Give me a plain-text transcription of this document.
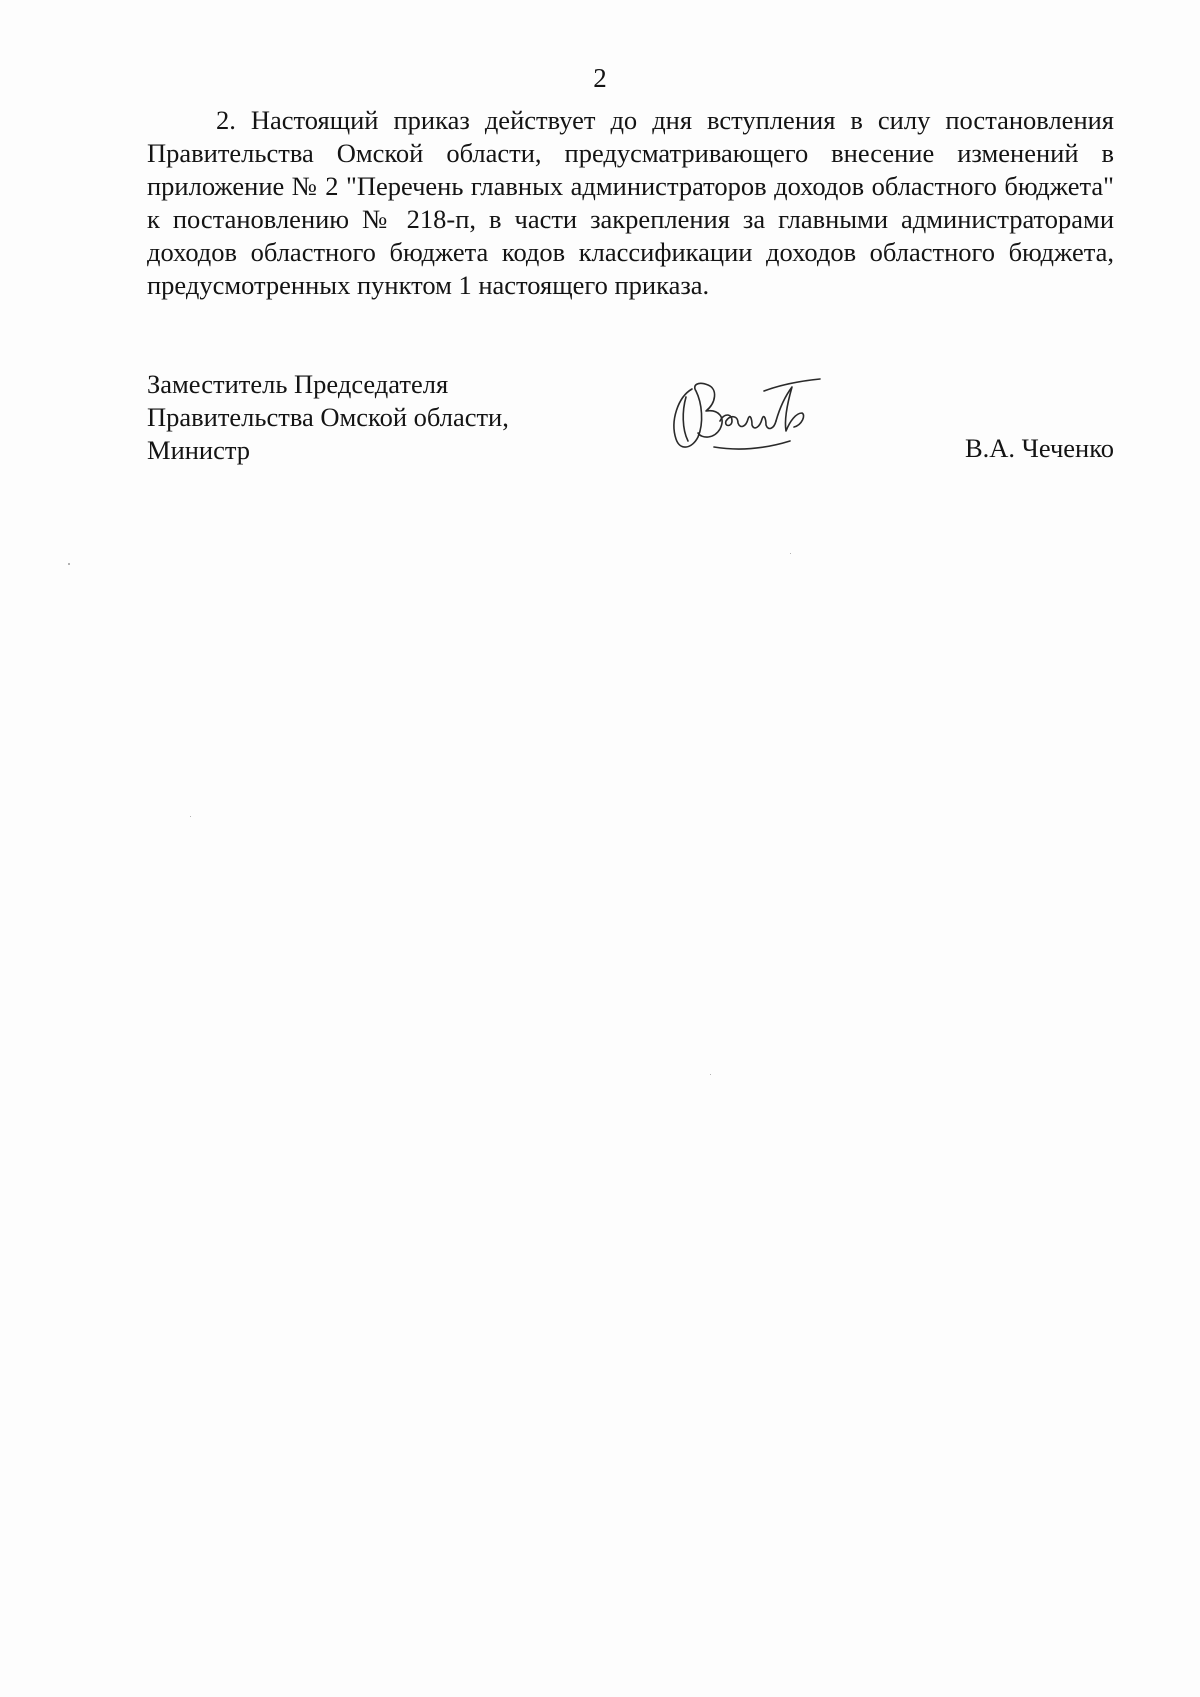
2

2. Настоящий приказ действует до дня вступления в силу постановления Правительства Омской области, предусматривающего внесение изменений в приложение № 2 "Перечень главных администраторов доходов областного бюджета" к постановлению № 218-п, в части закрепления за главными администраторами доходов областного бюджета кодов классификации доходов областного бюджета, предусмотренных пунктом 1 настоящего приказа.

Заместитель Председателя
Правительства Омской области,
Министр	В.А. Чеченко
